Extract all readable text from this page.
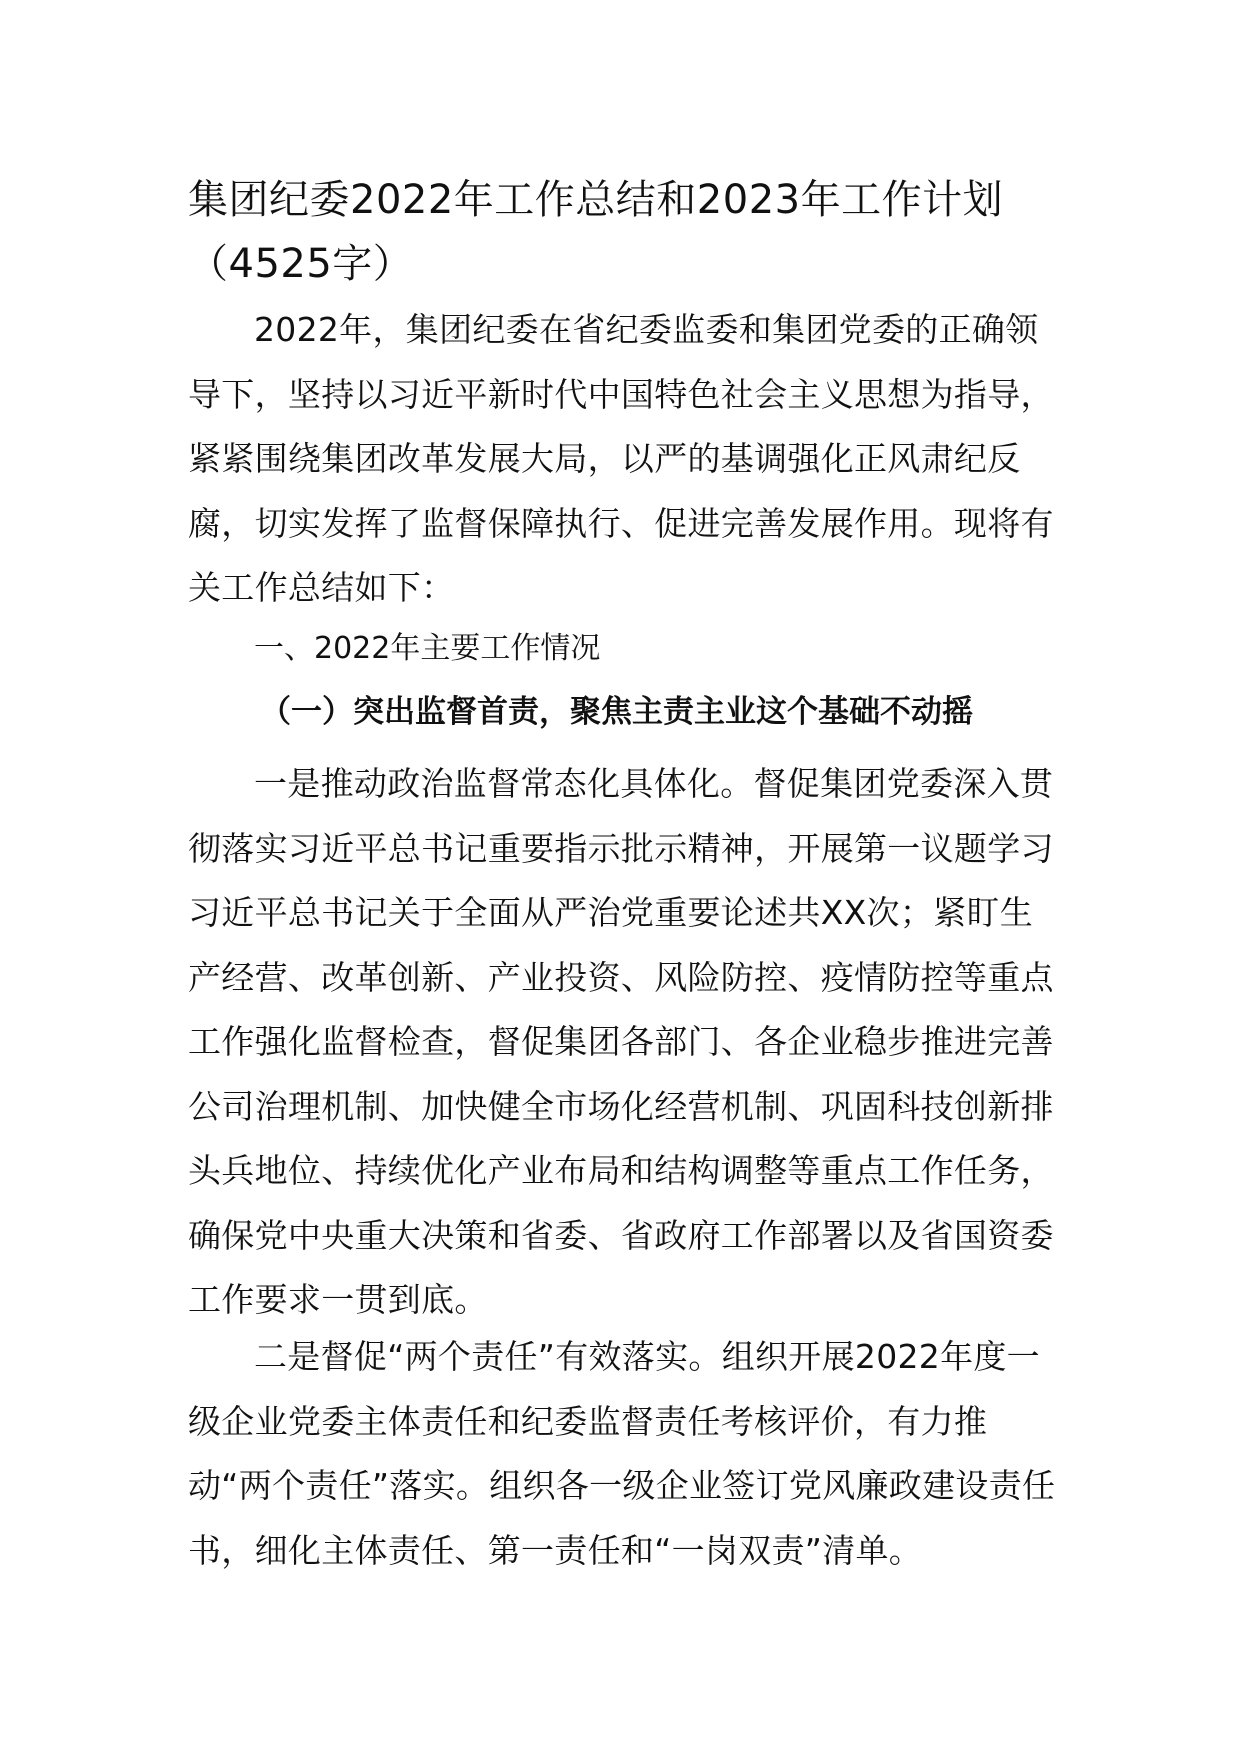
集团纪委2022年工作总结和2023年工作计划（4525字）

2022年，集团纪委在省纪委监委和集团党委的正确领导下，坚持以习近平新时代中国特色社会主义思想为指导，紧紧围绕集团改革发展大局，以严的基调强化正风肃纪反腐，切实发挥了监督保障执行、促进完善发展作用。现将有关工作总结如下：

一、2022年主要工作情况
（一）突出监督首责，聚焦主责主业这个基础不动摇

一是推动政治监督常态化具体化。督促集团党委深入贯彻落实习近平总书记重要指示批示精神，开展第一议题学习习近平总书记关于全面从严治党重要论述共XX次；紧盯生产经营、改革创新、产业投资、风险防控、疫情防控等重点工作强化监督检查，督促集团各部门、各企业稳步推进完善公司治理机制、加快健全市场化经营机制、巩固科技创新排头兵地位、持续优化产业布局和结构调整等重点工作任务，确保党中央重大决策和省委、省政府工作部署以及省国资委工作要求一贯到底。

二是督促“两个责任”有效落实。组织开展2022年度一级企业党委主体责任和纪委监督责任考核评价，有力推动“两个责任”落实。组织各一级企业签订党风廉政建设责任书，细化主体责任、第一责任和“一岗双责”清单。
